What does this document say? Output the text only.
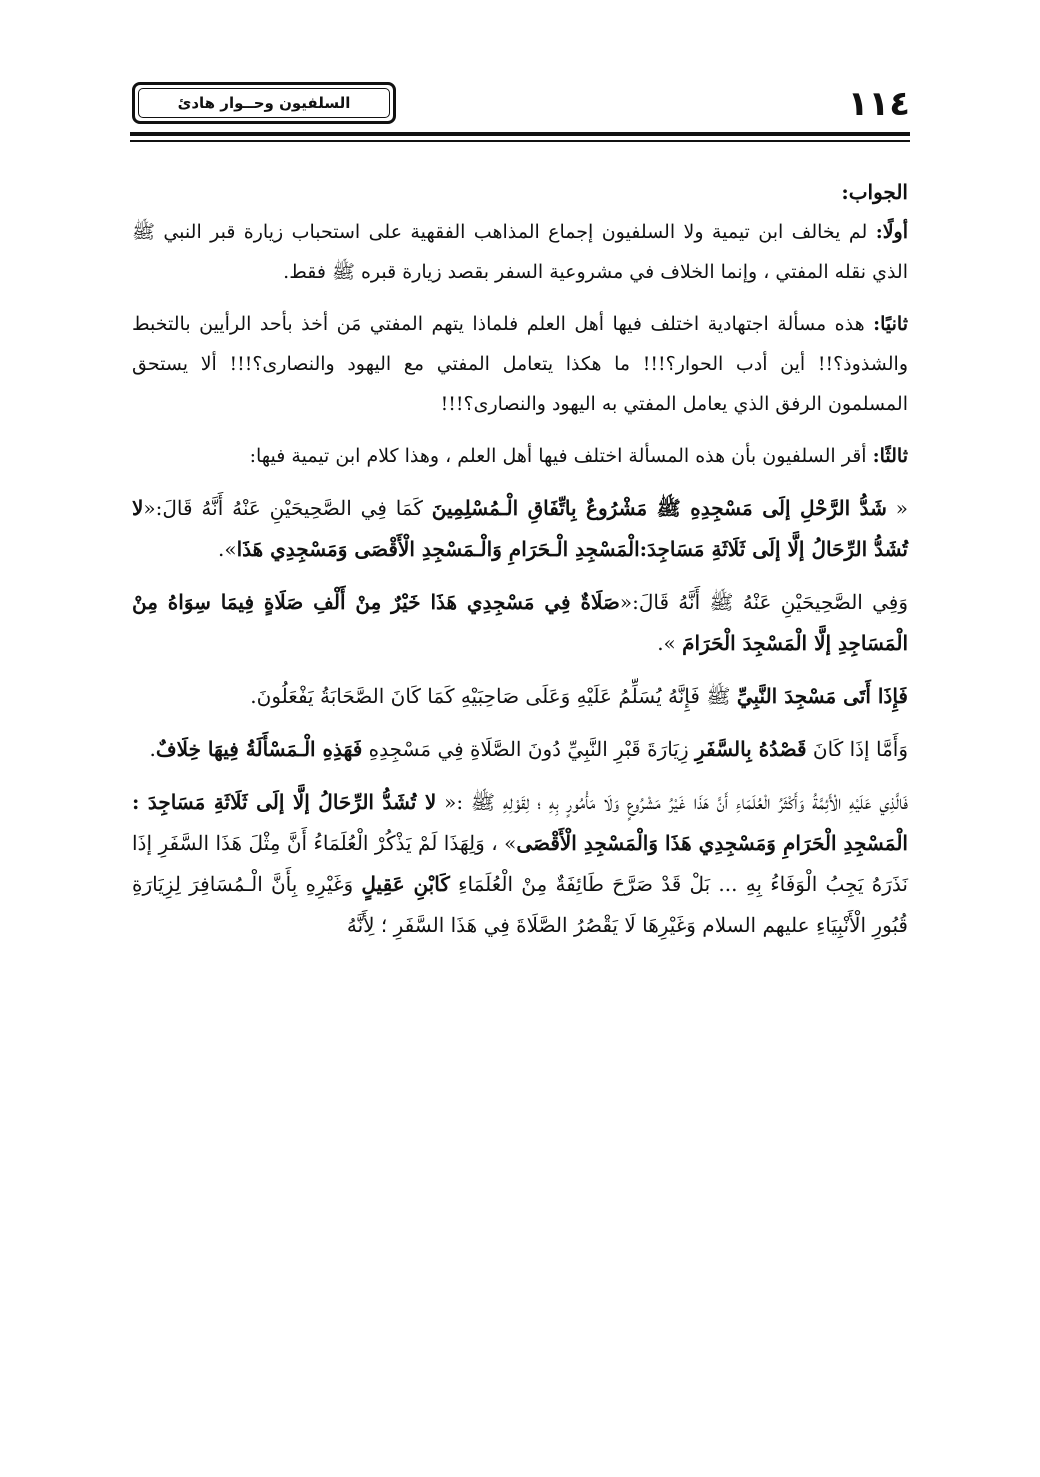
السلفيون وحــوار هادئ	١١٤

الجواب:

أولًا: لم يخالف ابن تيمية ولا السلفيون إجماع المذاهب الفقهية على استحباب زيارة قبر النبي ﷺ الذي نقله المفتي ، وإنما الخلاف في مشروعية السفر بقصد زيارة قبره ﷺ فقط.

ثانيًا: هذه مسألة اجتهادية اختلف فيها أهل العلم فلماذا يتهم المفتي مَن أخذ بأحد الرأيين بالتخبط والشذوذ؟!! أين أدب الحوار؟!!! ما هكذا يتعامل المفتي مع اليهود والنصارى؟!!! ألا يستحق المسلمون الرفق الذي يعامل المفتي به اليهود والنصارى؟!!!

ثالثًا: أقر السلفيون بأن هذه المسألة اختلف فيها أهل العلم ، وهذا كلام ابن تيمية فيها:

« شَدُّ الرَّحْلِ إلَى مَسْجِدِهِ ﷺ مَشْرُوعٌ بِاتِّفَاقِ الْـمُسْلِمِينَ كَمَا فِي الصَّحِيحَيْنِ عَنْهُ أَنَّهُ قَالَ:«لا تُشَدُّ الرِّحَالُ إلَّا إلَى ثَلَاثَةِ مَسَاجِدَ:الْمَسْجِدِ الْـحَرَامِ وَالْـمَسْجِدِ الْأَقْصَى وَمَسْجِدِي هَذَا».

وَفِي الصَّحِيحَيْنِ عَنْهُ ﷺ أَنَّهُ قَالَ:«صَلَاةٌ فِي مَسْجِدِي هَذَا خَيْرٌ مِنْ أَلْفِ صَلَاةٍ فِيمَا سِوَاهُ مِنْ الْمَسَاجِدِ إلَّا الْمَسْجِدَ الْحَرَامَ ».

فَإِذَا أَتَى مَسْجِدَ النَّبِيِّ ﷺ فَإِنَّهُ يُسَلِّمُ عَلَيْهِ وَعَلَى صَاحِبَيْهِ كَمَا كَانَ الصَّحَابَةُ يَفْعَلُونَ.

وَأَمَّا إذَا كَانَ قَصْدُهُ بِالسَّفَرِ زِيَارَةَ قَبْرِ النَّبِيِّ دُونَ الصَّلَاةِ فِي مَسْجِدِهِ فَهَذِهِ الْـمَسْأَلَةُ فِيهَا خِلَافٌ.

فَالَّذِي عَلَيْهِ الْأَئِمَّةُ وَأَكْثَرُ الْعُلَمَاءِ أَنَّ هَذَا غَيْرُ مَشْرُوعٍ وَلَا مَأْمُورٍ بِهِ ؛ لِقَوْلِهِ ﷺ :« لا تُشَدُّ الرِّحَالُ إلَّا إلَى ثَلَاثَةِ مَسَاجِدَ : الْمَسْجِدِ الْحَرَامِ وَمَسْجِدِي هَذَا وَالْمَسْجِدِ الْأَقْصَى» ، وَلِهَذَا لَمْ يَذْكُرْ الْعُلَمَاءُ أَنَّ مِثْلَ هَذَا السَّفَرِ إذَا نَذَرَهُ يَجِبُ الْوَفَاءُ بِهِ ... بَلْ قَدْ صَرَّحَ طَائِفَةٌ مِنْ الْعُلَمَاءِ كَابْنِ عَقِيلٍ وَغَيْرِهِ بِأَنَّ الْـمُسَافِرَ لِزِيَارَةِ قُبُورِ الْأَنْبِيَاءِ عليهم السلام وَغَيْرِهَا لَا يَقْصُرُ الصَّلَاةَ فِي هَذَا السَّفَرِ ؛ لِأَنَّهُ
